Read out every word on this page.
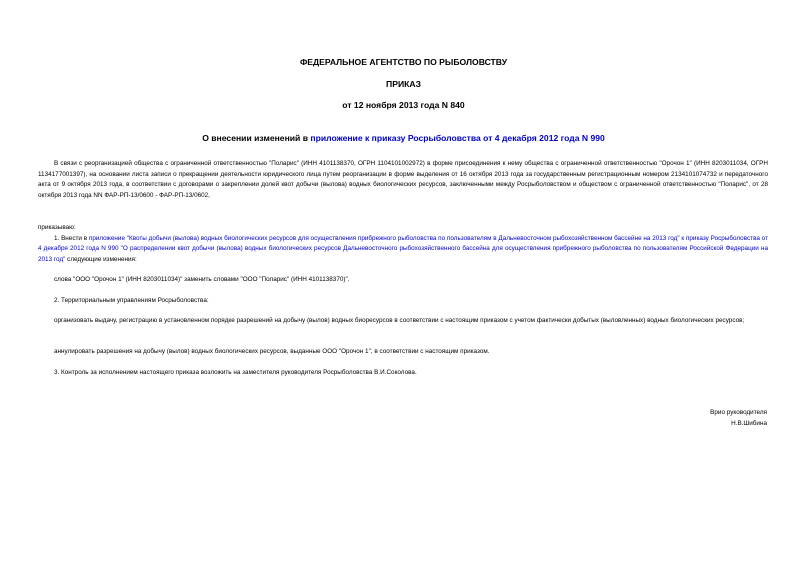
ФЕДЕРАЛЬНОЕ АГЕНТСТВО ПО РЫБОЛОВСТВУ
ПРИКАЗ
от 12 ноября 2013 года N 840
О внесении изменений в приложение к приказу Росрыболовства от 4 декабря 2012 года N 990
В связи с реорганизацией общества с ограниченной ответственностью "Поларис" (ИНН 4101138370, ОГРН 1104101002972) в форме присоединения к нему общества с ограниченной ответственностью "Орочон 1" (ИНН 8203011034, ОГРН 1134177001397), на основании листа записи о прекращении деятельности юридического лица путем реорганизации в форме выделения от 16 октября 2013 года за государственным регистрационным номером 2134101074732 и передаточного акта от 9 октября 2013 года, в соответствии с договорами о закреплении долей квот добычи (вылова) водных биологических ресурсов, заключенными между Росрыболовством и обществом с ограниченной ответственностью "Поларис", от 28 октября 2013 года NN ФАР-РП-13/0600 - ФАР-РП-13/0602,
приказываю:
1. Внести в приложение "Квоты добычи (вылова) водных биологических ресурсов для осуществления прибрежного рыболовства по пользователям в Дальневосточном рыбохозяйственном бассейне на 2013 год" к приказу Росрыболовства от 4 декабря 2012 года N 990 "О распределении квот добычи (вылова) водных биологических ресурсов Дальневосточного рыбохозяйственного бассейна для осуществления прибрежного рыболовства по пользователям Российской Федерации на 2013 год" следующие изменения:
слова "ООО "Орочон 1" (ИНН 8203011034)" заменить словами "ООО "Поларис" (ИНН 4101138370)".
2. Территориальным управлениям Росрыболовства:
организовать выдачу, регистрацию в установленном порядке разрешений на добычу (вылов) водных биоресурсов в соответствии с настоящим приказом с учетом фактически добытых (выловленных) водных биологических ресурсов;
аннулировать разрешения на добычу (вылов) водных биологических ресурсов, выданные ООО "Орочон 1", в соответствии с настоящим приказом.
3. Контроль за исполнением настоящего приказа возложить на заместителя руководителя Росрыболовства В.И.Соколова.
Врио руководителя
Н.В.Шибина
